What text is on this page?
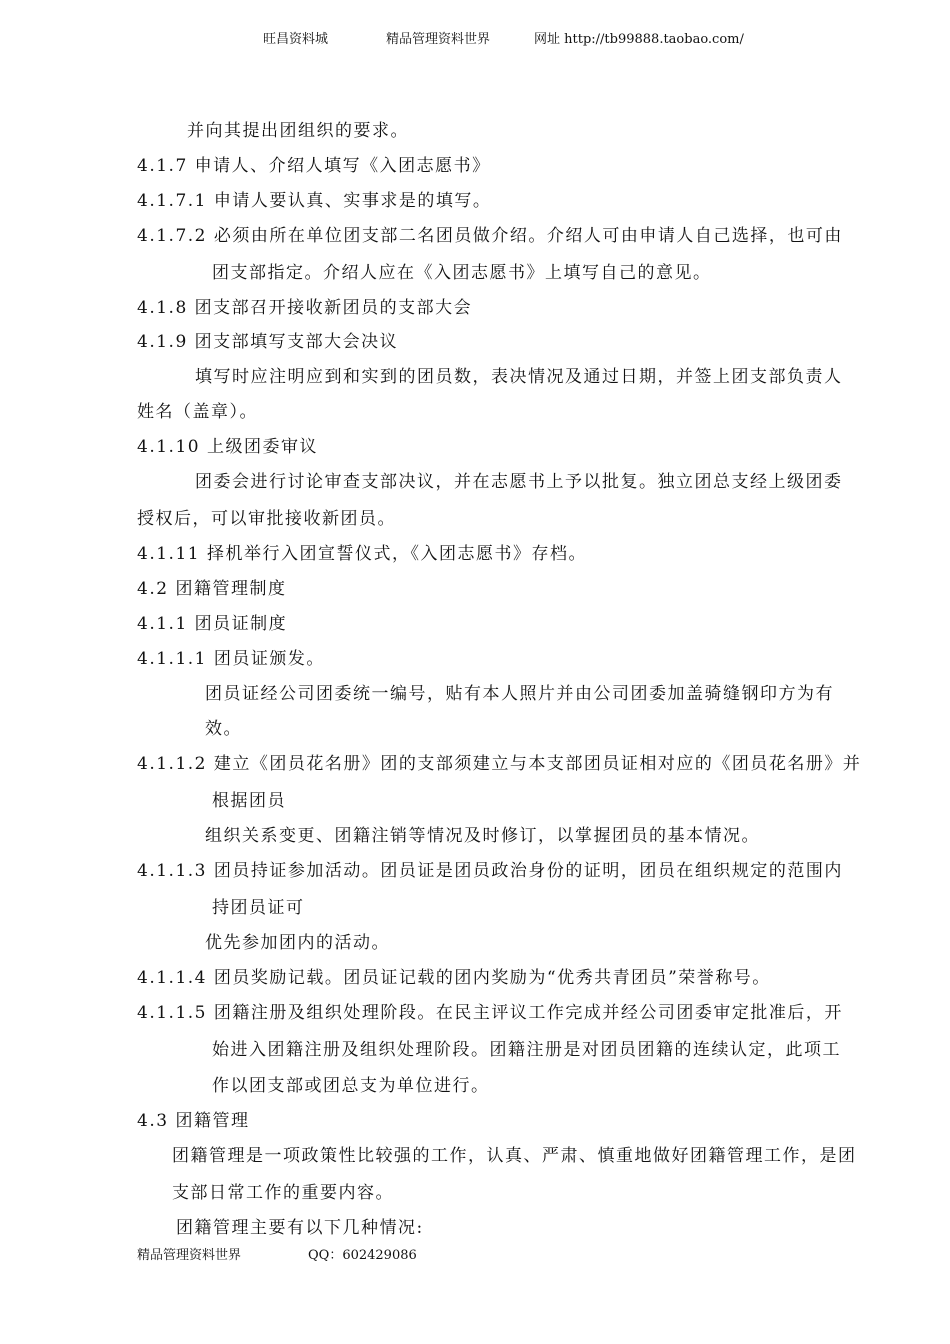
旺昌资料城	精品管理资料世界	网址 http://tb99888.taobao.com/
并向其提出团组织的要求。
4.1.7 申请人、介绍人填写《入团志愿书》
4.1.7.1 申请人要认真、实事求是的填写。
4.1.7.2 必须由所在单位团支部二名团员做介绍。介绍人可由申请人自己选择，也可由
团支部指定。介绍人应在《入团志愿书》上填写自己的意见。
4.1.8 团支部召开接收新团员的支部大会
4.1.9 团支部填写支部大会决议
填写时应注明应到和实到的团员数，表决情况及通过日期，并签上团支部负责人
姓名（盖章）。
4.1.10 上级团委审议
团委会进行讨论审查支部决议，并在志愿书上予以批复。独立团总支经上级团委
授权后，可以审批接收新团员。
4.1.11 择机举行入团宣誓仪式，《入团志愿书》存档。
4.2 团籍管理制度
4.1.1 团员证制度
4.1.1.1 团员证颁发。
团员证经公司团委统一编号，贴有本人照片并由公司团委加盖骑缝钢印方为有
效。
4.1.1.2 建立《团员花名册》团的支部须建立与本支部团员证相对应的《团员花名册》并
根据团员
组织关系变更、团籍注销等情况及时修订，以掌握团员的基本情况。
4.1.1.3 团员持证参加活动。团员证是团员政治身份的证明，团员在组织规定的范围内
持团员证可
优先参加团内的活动。
4.1.1.4 团员奖励记载。团员证记载的团内奖励为“优秀共青团员”荣誉称号。
4.1.1.5 团籍注册及组织处理阶段。在民主评议工作完成并经公司团委审定批准后，开
始进入团籍注册及组织处理阶段。团籍注册是对团员团籍的连续认定，此项工
作以团支部或团总支为单位进行。
4.3 团籍管理
团籍管理是一项政策性比较强的工作，认真、严肃、慎重地做好团籍管理工作，是团
支部日常工作的重要内容。
团籍管理主要有以下几种情况:
精品管理资料世界	QQ：602429086
